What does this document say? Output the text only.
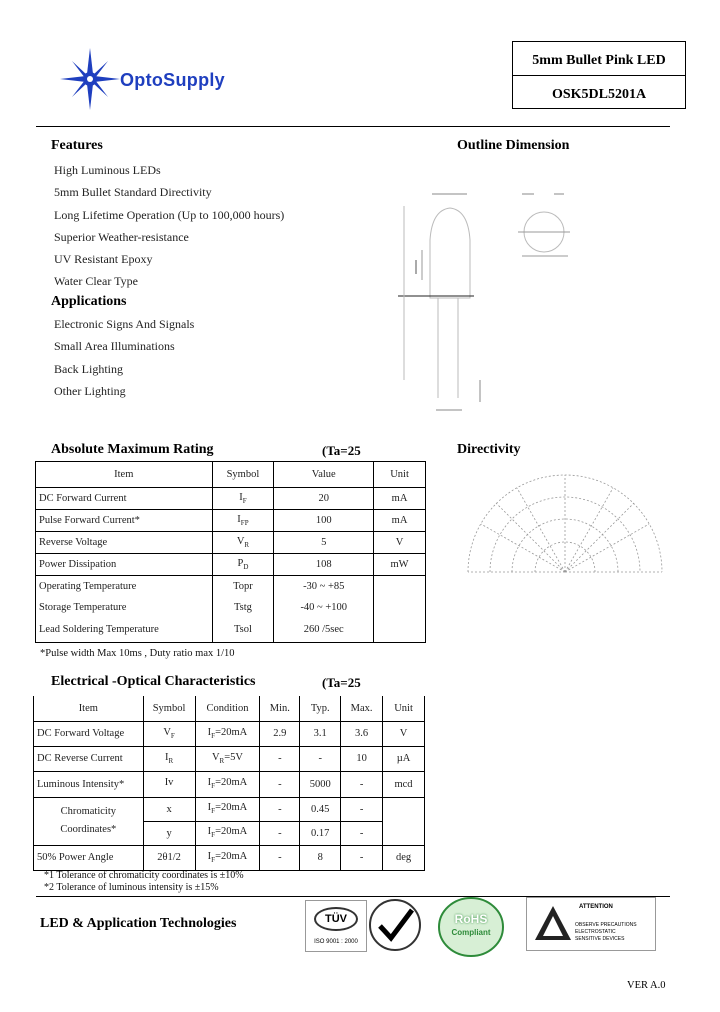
OptoSupply
5mm Bullet Pink LED
OSK5DL5201A
Features
High Luminous LEDs
5mm Bullet Standard Directivity
Long Lifetime Operation (Up to 100,000 hours)
Superior Weather-resistance
UV Resistant Epoxy
Water Clear Type
Applications
Electronic Signs And Signals
Small Area Illuminations
Back Lighting
Other Lighting
Outline Dimension
Directivity
Absolute Maximum Rating	(Ta=25
Item	Symbol	Value	Unit
DC Forward Current	$I_F$	20	mA
Pulse Forward Current*	$I_{FP}$	100	mA
Reverse Voltage	$V_R$	5	V
Power Dissipation	$P_D$	108	mW
Operating Temperature	Topr	-30 ~ +85	
Storage Temperature	Tstg	-40 ~ +100	
Lead Soldering Temperature	Tsol	260 /5sec	
*Pulse width Max 10ms , Duty ratio max 1/10
Electrical -Optical Characteristics	(Ta=25
Item	Symbol	Condition	Min.	Typ.	Max.	Unit
DC Forward Voltage	$V_F$	$I_F=20mA$	2.9	3.1	3.6	V
DC Reverse Current	$I_R$	$V_R=5V$	-	-	10	µA
Luminous Intensity*	Iv	$I_F=20mA$	-	5000	-	mcd

Chromaticity
Coordinates*	x	$I_F=20mA$	-	0.45	-	
	y	$I_F=20mA$	-	0.17	-	
50% Power Angle	2θ1/2	$I_F=20mA$	-	8	-	deg
*1 Tolerance of chromaticity coordinates is ±10%
*2 Tolerance of luminous intensity is ±15%
LED & Application Technologies	TÜV
ISO 9001 : 2000
RoHS
Compliant
ATTENTION
OBSERVE PRECAUTIONS
ELECTROSTATIC
SENSITIVE DEVICES
VER A.0
